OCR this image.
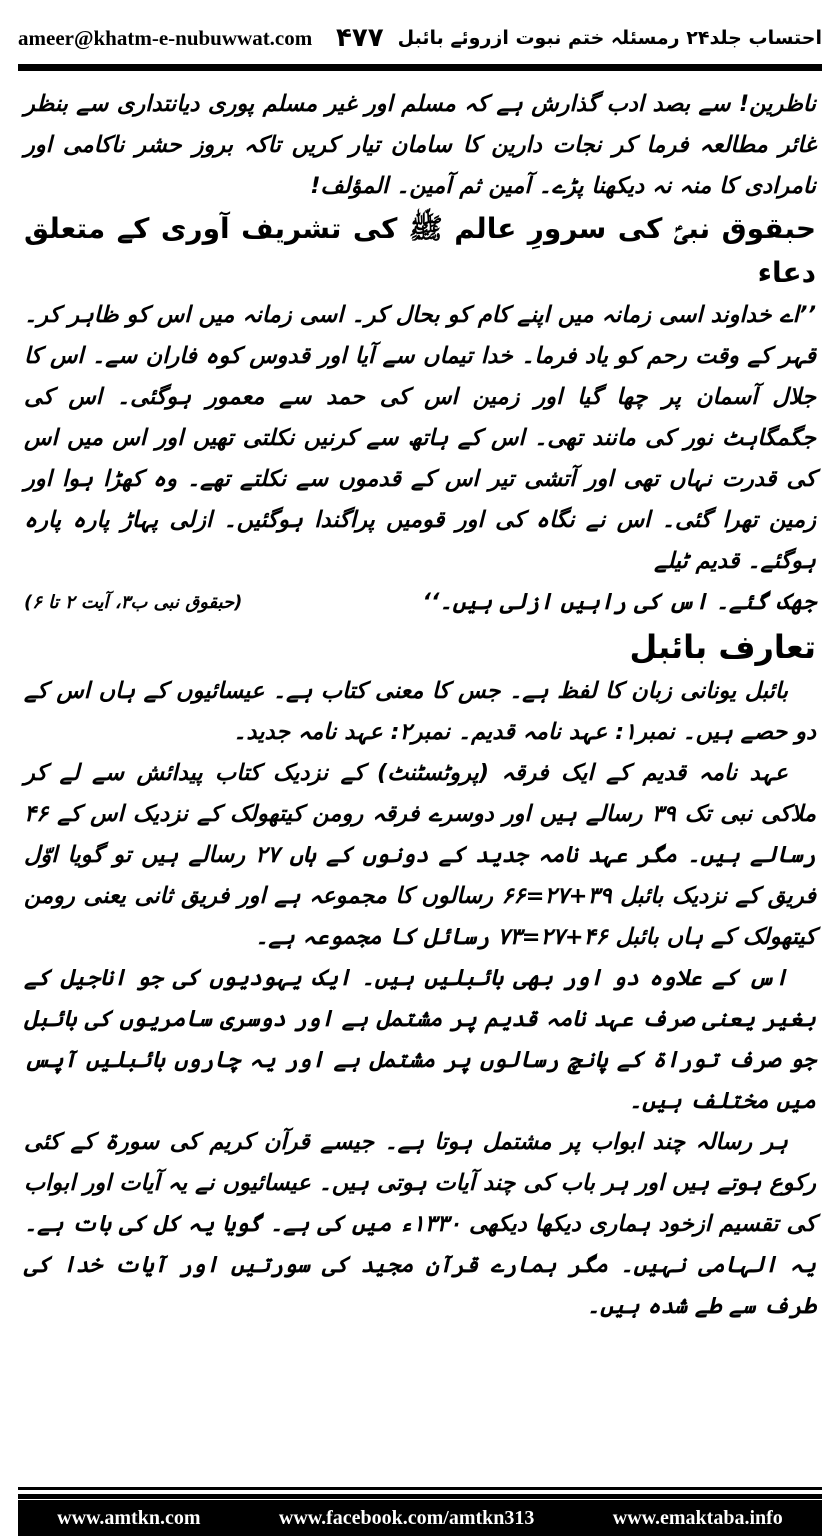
ameer@khatm-e-nubuwwat.com	احتساب جلد۲۴ رمسئلہ ختم نبوت ازروئے بائبل
۴۷۷

ناظرین! سے بصد ادب گذارش ہے کہ مسلم اور غیر مسلم پوری دیانتداری سے بنظر غائر مطالعہ فرما کر نجات دارین کا سامان تیار کریں تاکہ بروز حشر ناکامی اور نامرادی کا منہ نہ دیکھنا پڑے۔ آمین ثم آمین۔ المؤلف!

حبقوق نبیؑ کی سرورِ عالم ﷺ کی تشریف آوری کے متعلق دعاء

’’اے خداوند اسی زمانہ میں اپنے کام کو بحال کر۔ اسی زمانہ میں اس کو ظاہر کر۔ قہر کے وقت رحم کو یاد فرما۔ خدا تیماں سے آیا اور قدوس کوہ فاران سے۔ اس کا جلال آسمان پر چھا گیا اور زمین اس کی حمد سے معمور ہوگئی۔ اس کی جگمگاہٹ نور کی مانند تھی۔ اس کے ہاتھ سے کرنیں نکلتی تھیں اور اس میں اس کی قدرت نہاں تھی اور آتشی تیر اس کے قدموں سے نکلتے تھے۔ وہ کھڑا ہوا اور زمین تھرا گئی۔ اس نے نگاہ کی اور قومیں پراگندا ہوگئیں۔ ازلی پہاڑ پارہ پارہ ہوگئے۔ قدیم ٹیلے

جھک گئے۔ اس کی راہیں ازلی ہیں۔‘‘
(حبقوق نبی ب۳، آیت ۲ تا ۶)

تعارف بائبل

بائبل یونانی زبان کا لفظ ہے۔ جس کا معنی کتاب ہے۔ عیسائیوں کے ہاں اس کے دو حصے ہیں۔ نمبر۱: عہد نامہ قدیم۔ نمبر۲: عہد نامہ جدید۔

عہد نامہ قدیم کے ایک فرقہ (پروٹسٹنٹ) کے نزدیک کتاب پیدائش سے لے کر ملاکی نبی تک ۳۹ رسالے ہیں اور دوسرے فرقہ رومن کیتھولک کے نزدیک اس کے ۴۶ رسالے ہیں۔ مگر عہد نامہ جدید کے دونوں کے ہاں ۲۷ رسالے ہیں تو گویا اوّل فریق کے نزدیک بائبل ۳۹+۲۷=۶۶ رسالوں کا مجموعہ ہے اور فریق ثانی یعنی رومن کیتھولک کے ہاں بائبل ۴۶+۲۷=۷۳ رسائل کا مجموعہ ہے۔

اس کے علاوہ دو اور بھی بائبلیں ہیں۔ ایک یہودیوں کی جو اناجیل کے بغیر یعنی صرف عہد نامہ قدیم پر مشتمل ہے اور دوسری سامریوں کی بائبل جو صرف توراۃ کے پانچ رسالوں پر مشتمل ہے اور یہ چاروں بائبلیں آپس میں مختلف ہیں۔

ہر رسالہ چند ابواب پر مشتمل ہوتا ہے۔ جیسے قرآن کریم کی سورۃ کے کئی رکوع ہوتے ہیں اور ہر باب کی چند آیات ہوتی ہیں۔ عیسائیوں نے یہ آیات اور ابواب کی تقسیم ازخود ہماری دیکھا دیکھی ۱۳۳۰ء میں کی ہے۔ گویا یہ کل کی بات ہے۔ یہ الہامی نہیں۔ مگر ہمارے قرآن مجید کی سورتیں اور آیات خدا کی طرف سے طے شدہ ہیں۔

www.amtkn.com	www.facebook.com/amtkn313	www.emaktaba.info
